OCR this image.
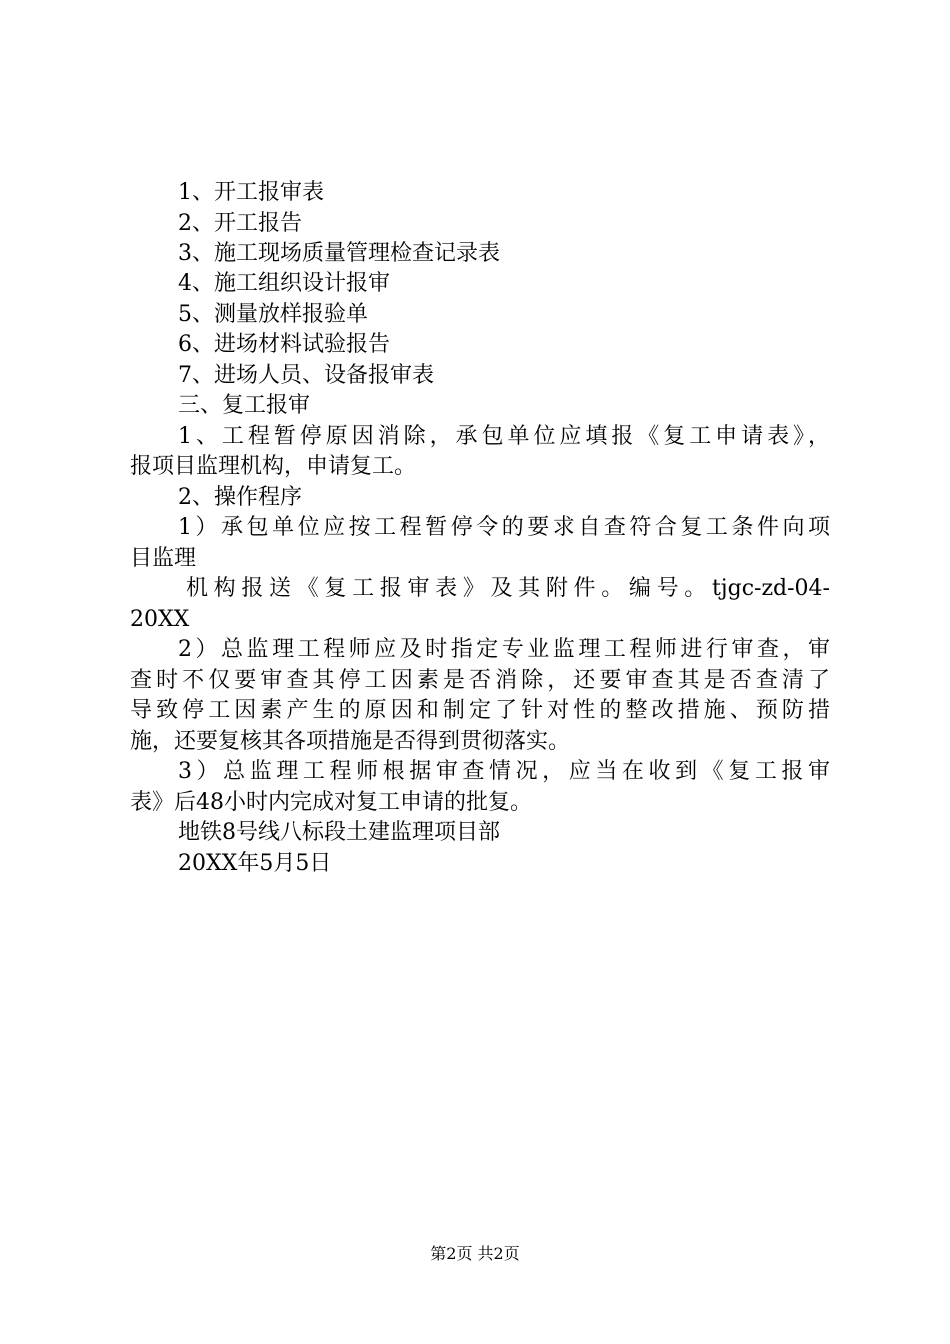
1、开工报审表
2、开工报告
3、施工现场质量管理检查记录表
4、施工组织设计报审
5、测量放样报验单
6、进场材料试验报告
7、进场人员、设备报审表
三、复工报审
1、工程暂停原因消除，承包单位应填报《复工申请表》，
报项目监理机构，申请复工。
2、操作程序
1）承包单位应按工程暂停令的要求自查符合复工条件向项
目监理
机构报送《复工报审表》及其附件。编号。tjgc-zd-04-
20XX
2）总监理工程师应及时指定专业监理工程师进行审查，审
查时不仅要审查其停工因素是否消除，还要审查其是否查清了
导致停工因素产生的原因和制定了针对性的整改措施、预防措
施，还要复核其各项措施是否得到贯彻落实。
3）总监理工程师根据审查情况，应当在收到《复工报审
表》后48小时内完成对复工申请的批复。
地铁8号线八标段土建监理项目部
20XX年5月5日
第2页 共2页
